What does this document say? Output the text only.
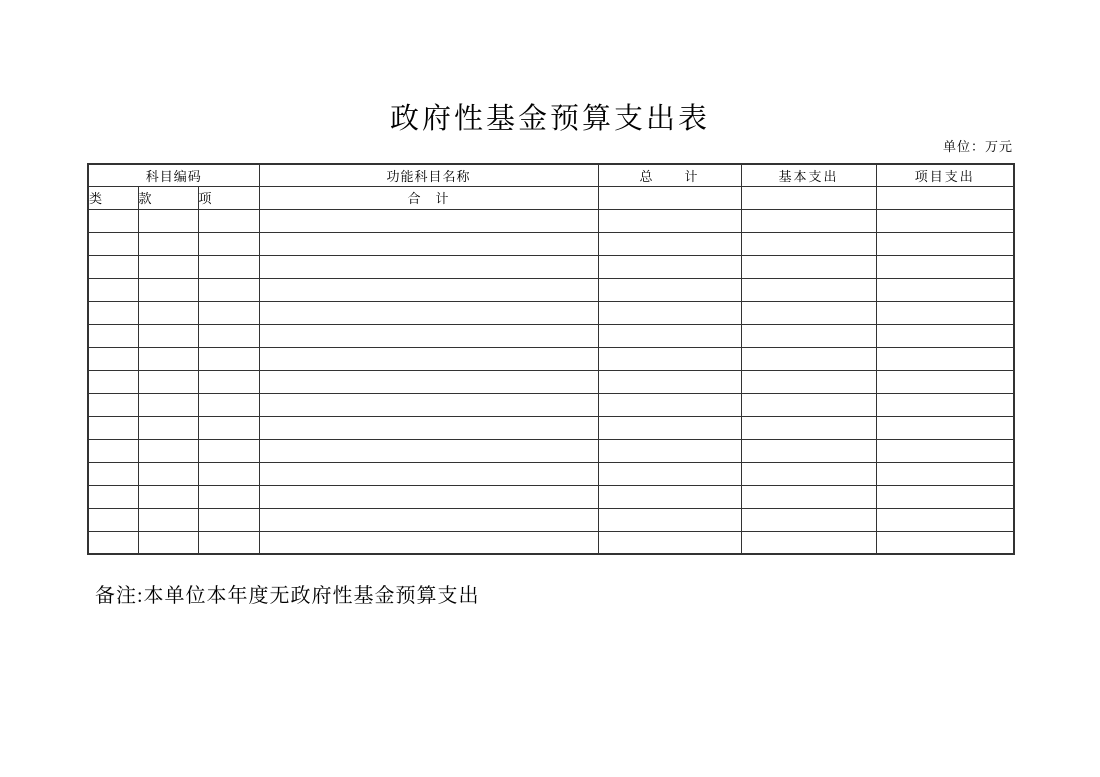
政府性基金预算支出表
单位：万元
科目编码			功能科目名称	总　　计	基本支出	项目支出
类	款	项	合　计			

备注:本单位本年度无政府性基金预算支出
